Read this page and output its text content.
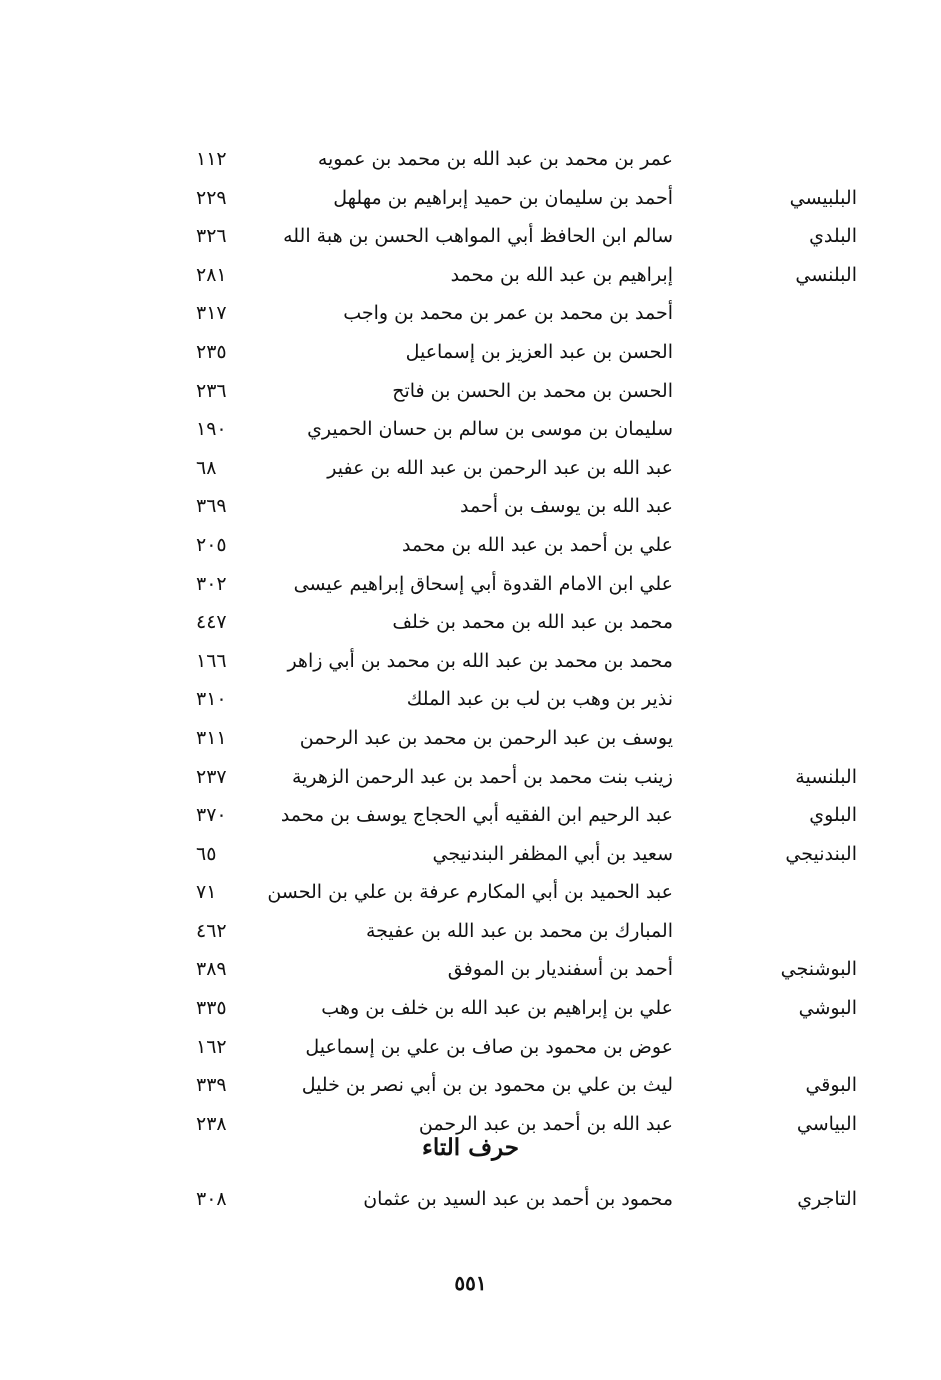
عمر بن محمد بن عبد الله بن محمد بن عمويه
١١٢
البلبيسي
أحمد بن سليمان بن حميد إبراهيم بن مهلهل
٢٢٩
البلدي
سالم ابن الحافظ أبي المواهب الحسن بن هبة الله
٣٢٦
البلنسي
إبراهيم بن عبد الله بن محمد
٢٨١
أحمد بن محمد بن عمر بن محمد بن واجب
٣١٧
الحسن بن عبد العزيز بن إسماعيل
٢٣٥
الحسن بن محمد بن الحسن بن فاتح
٢٣٦
سليمان بن موسى بن سالم بن حسان الحميري
١٩٠
عبد الله بن عبد الرحمن بن عبد الله بن عفير
٦٨
عبد الله بن يوسف بن أحمد
٣٦٩
علي بن أحمد بن عبد الله بن محمد
٢٠٥
علي ابن الامام القدوة أبي إسحاق إبراهيم عيسى
٣٠٢
محمد بن عبد الله بن محمد بن خلف
٤٤٧
محمد بن محمد بن عبد الله بن محمد بن أبي زاهر
١٦٦
نذير بن وهب بن لب بن عبد الملك
٣١٠
يوسف بن عبد الرحمن بن محمد بن عبد الرحمن
٣١١
البلنسية
زينب بنت محمد بن أحمد بن عبد الرحمن الزهرية
٢٣٧
البلوي
عبد الرحيم ابن الفقيه أبي الحجاج يوسف بن محمد
٣٧٠
البندنيجي
سعيد بن أبي المظفر البندنيجي
٦٥
عبد الحميد بن أبي المكارم عرفة بن علي بن الحسن
٧١
المبارك بن محمد بن عبد الله بن عفيجة
٤٦٢
البوشنجي
أحمد بن أسفنديار بن الموفق
٣٨٩
البوشي
علي بن إبراهيم بن عبد الله بن خلف بن وهب
٣٣٥
عوض بن محمود بن صاف بن علي بن إسماعيل
١٦٢
البوقي
ليث بن علي بن محمود بن بن أبي نصر بن خليل
٣٣٩
البياسي
عبد الله بن أحمد بن عبد الرحمن
٢٣٨
حرف التاء
التاجري
محمود بن أحمد بن عبد السيد بن عثمان
٣٠٨
٥٥١
